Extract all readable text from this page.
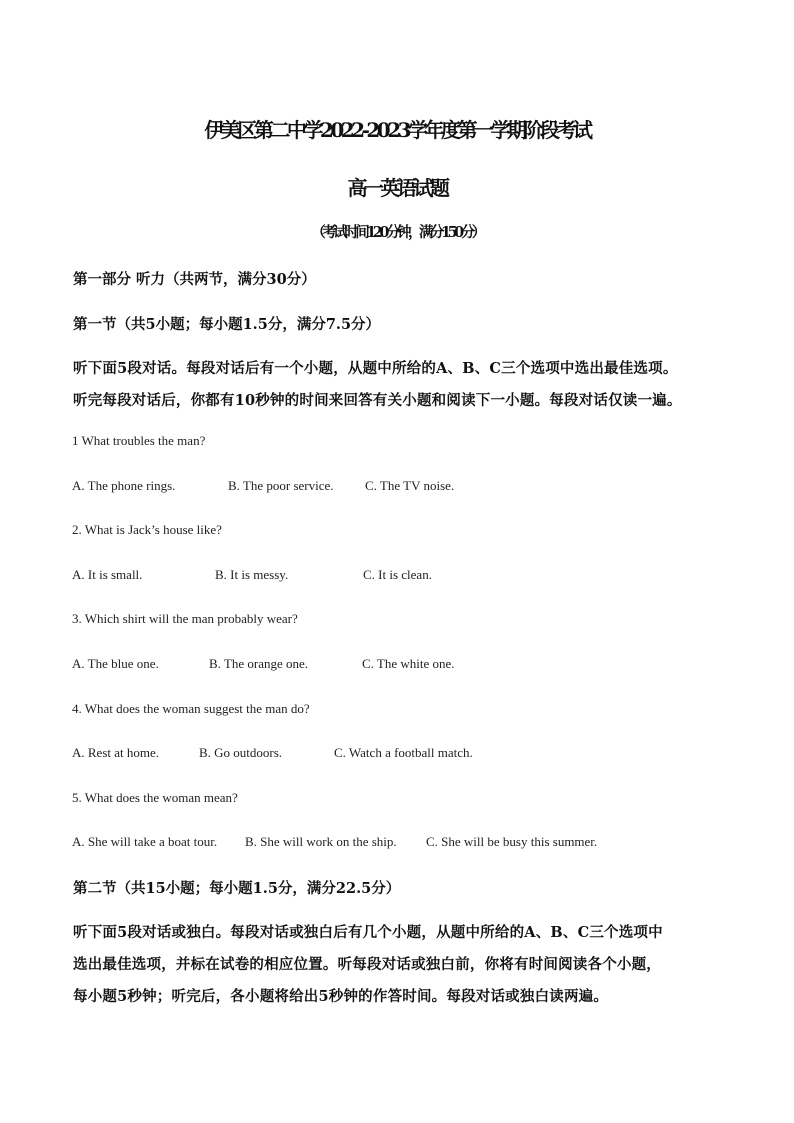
伊美区第二中学2022-2023学年度第一学期阶段考试
高一英语试题
（考试时间120分钟，满分150分）
第一部分 听力（共两节，满分30分）
第一节（共5小题；每小题1.5分，满分7.5分）
听下面5段对话。每段对话后有一个小题，从题中所给的A、B、C三个选项中选出最佳选项。
听完每段对话后，你都有10秒钟的时间来回答有关小题和阅读下一小题。每段对话仅读一遍。
1 What troubles the man?
A. The phone rings.	B. The poor service. C. The TV noise.
2. What is Jack’s house like?
A. It is small.	B. It is messy.	C. It is clean.
3. Which shirt will the man probably wear?
A. The blue one.	B. The orange one.	C. The white one.
4. What does the woman suggest the man do?
A. Rest at home.	B. Go outdoors.	C. Watch a football match.
5. What does the woman mean?
A. She will take a boat tour. B. She will work on the ship. C. She will be busy this summer.
第二节（共15小题；每小题1.5分，满分22.5分）
听下面5段对话或独白。每段对话或独白后有几个小题，从题中所给的A、B、C三个选项中
选出最佳选项，并标在试卷的相应位置。听每段对话或独白前，你将有时间阅读各个小题，
每小题5秒钟；听完后，各小题将给出5秒钟的作答时间。每段对话或独白读两遍。
